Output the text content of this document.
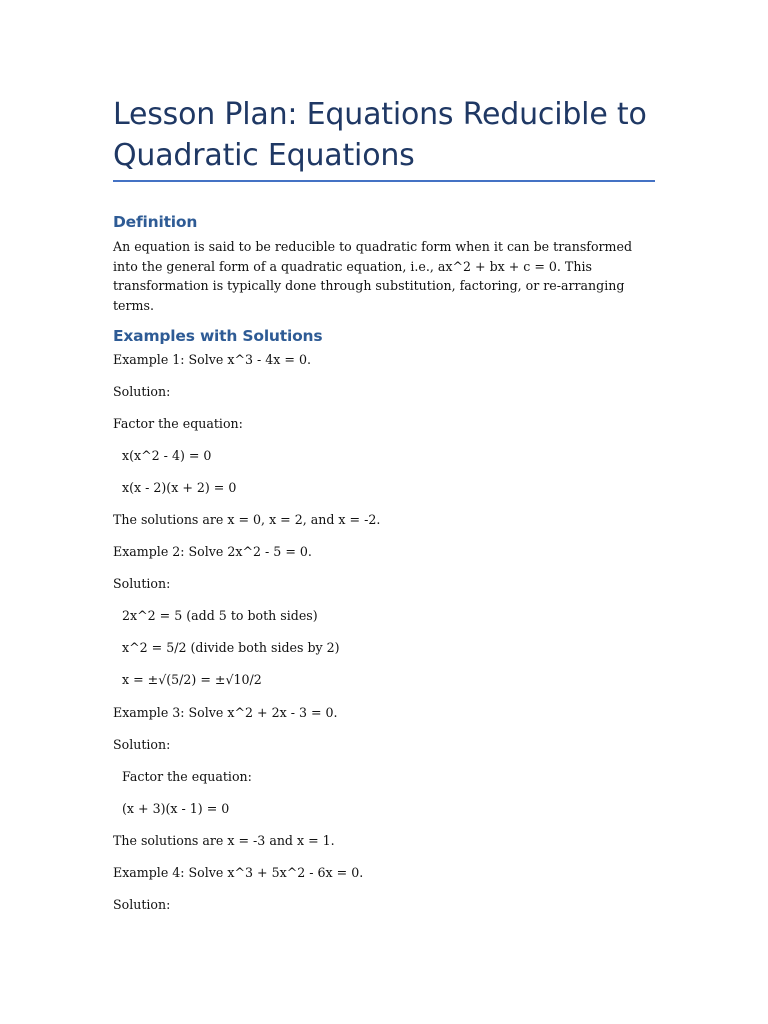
Lesson Plan: Equations Reducible to Quadratic Equations
Definition

An equation is said to be reducible to quadratic form when it can be transformed into the general form of a quadratic equation, i.e., ax^2 + bx + c = 0. This transformation is typically done through substitution, factoring, or re-arranging terms.

Examples with Solutions

Example 1: Solve x^3 - 4x = 0.

Solution:

Factor the equation:

x(x^2 - 4) = 0

x(x - 2)(x + 2) = 0

The solutions are x = 0, x = 2, and x = -2.

Example 2: Solve 2x^2 - 5 = 0.

Solution:

2x^2 = 5 (add 5 to both sides)

x^2 = 5/2 (divide both sides by 2)

x = ±√(5/2) = ±√10/2

Example 3: Solve x^2 + 2x - 3 = 0.

Solution:

Factor the equation:

(x + 3)(x - 1) = 0

The solutions are x = -3 and x = 1.

Example 4: Solve x^3 + 5x^2 - 6x = 0.

Solution:
